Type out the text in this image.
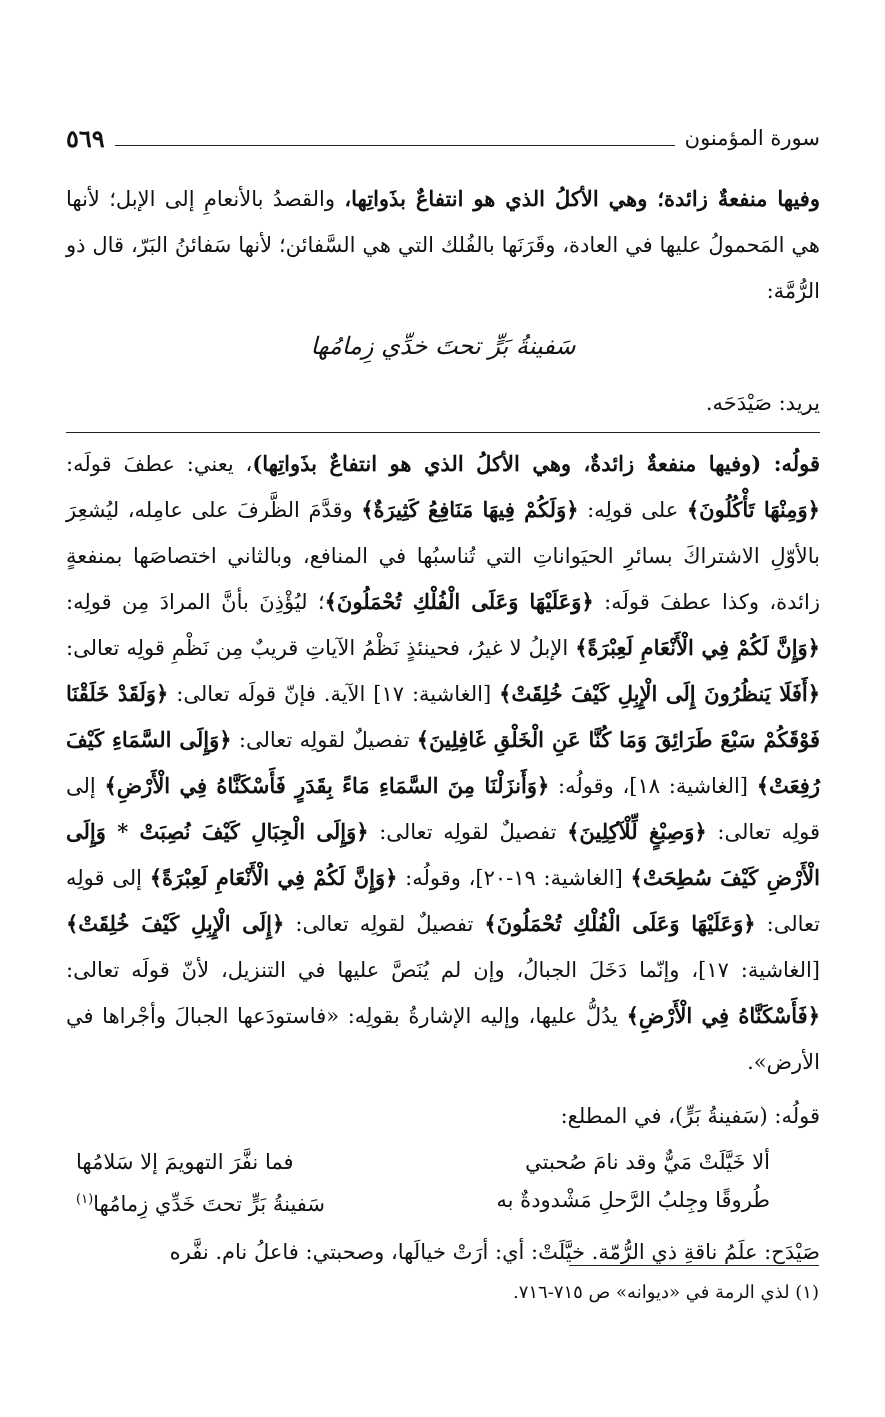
سورة المؤمنون
٥٦٩

وفيها منفعةٌ زائدة؛ وهي الأكلُ الذي هو انتفاعٌ بذَواتِها، والقصدُ بالأنعامِ إلى الإبل؛ لأنها هي المَحمولُ عليها في العادة، وقَرَنَها بالفُلك التي هي السَّفائن؛ لأنها سَفائنُ البَرّ، قال ذو الرُّمَّة:

سَفينةُ بَرٍّ تحتَ خدِّي زِمامُها

يريد: صَيْدَحَه.

قولُه: (وفيها منفعةٌ زائدةٌ، وهي الأكلُ الذي هو انتفاعٌ بذَواتِها)، يعني: عطفَ قولَه: ﴿وَمِنْهَا تَأْكُلُونَ﴾ على قولِه: ﴿وَلَكُمْ فِيهَا مَنَافِعُ كَثِيرَةٌ﴾ وقدَّمَ الظَّرفَ على عامِله، ليُشعِرَ بالأوّلِ الاشتراكَ بسائرِ الحيَواناتِ التي تُناسبُها في المنافع، وبالثاني اختصاصَها بمنفعةٍ زائدة، وكذا عطفَ قولَه: ﴿وَعَلَيْهَا وَعَلَى الْفُلْكِ تُحْمَلُونَ﴾؛ ليُؤْذِنَ بأنَّ المرادَ مِن قولِه: ﴿وَإِنَّ لَكُمْ فِي الْأَنْعَامِ لَعِبْرَةً﴾ الإبلُ لا غيرُ، فحينئذٍ نَظْمُ الآياتِ قريبٌ مِن نَظْمِ قولِه تعالى: ﴿أَفَلَا يَنظُرُونَ إِلَى الْإِبِلِ كَيْفَ خُلِقَتْ﴾ [الغاشية: ١٧] الآية. فإنّ قولَه تعالى: ﴿وَلَقَدْ خَلَقْنَا فَوْقَكُمْ سَبْعَ طَرَائِقَ وَمَا كُنَّا عَنِ الْخَلْقِ غَافِلِينَ﴾ تفصيلٌ لقولِه تعالى: ﴿وَإِلَى السَّمَاءِ كَيْفَ رُفِعَتْ﴾ [الغاشية: ١٨]، وقولُه: ﴿وَأَنزَلْنَا مِنَ السَّمَاءِ مَاءً بِقَدَرٍ فَأَسْكَنَّاهُ فِي الْأَرْضِ﴾ إلى قولِه تعالى: ﴿وَصِبْغٍ لِّلْآكِلِينَ﴾ تفصيلٌ لقولِه تعالى: ﴿وَإِلَى الْجِبَالِ كَيْفَ نُصِبَتْ * وَإِلَى الْأَرْضِ كَيْفَ سُطِحَتْ﴾ [الغاشية: ١٩-٢٠]، وقولُه: ﴿وَإِنَّ لَكُمْ فِي الْأَنْعَامِ لَعِبْرَةً﴾ إلى قولِه تعالى: ﴿وَعَلَيْهَا وَعَلَى الْفُلْكِ تُحْمَلُونَ﴾ تفصيلٌ لقولِه تعالى: ﴿إِلَى الْإِبِلِ كَيْفَ خُلِقَتْ﴾ [الغاشية: ١٧]، وإنّما دَخَلَ الجبالُ، وإن لم يُنَصَّ عليها في التنزيل، لأنّ قولَه تعالى: ﴿فَأَسْكَنَّاهُ فِي الْأَرْضِ﴾ يدُلُّ عليها، وإليه الإشارةُ بقولِه: «فاستودَعها الجبالَ وأجْراها في الأرض».

قولُه: (سَفينةُ بَرٍّ)، في المطلع:

ألا خَيَّلَتْ مَيٌّ وقد نامَ صُحبتي
فما نفَّرَ التهويمَ إلا سَلامُها
طُروقًا وجِلبُ الرَّحلِ مَشْدودةٌ به
سَفينةُ بَرٍّ تحتَ خَدِّي زِمامُها$^{(١)}$

صَيْدَح: علَمُ ناقةِ ذي الرُّمّة. خيَّلَتْ: أي: أرَتْ خيالَها، وصحبتي: فاعلُ نام. نفَّره

(١) لذي الرمة في «ديوانه» ص ٧١٥-٧١٦.
